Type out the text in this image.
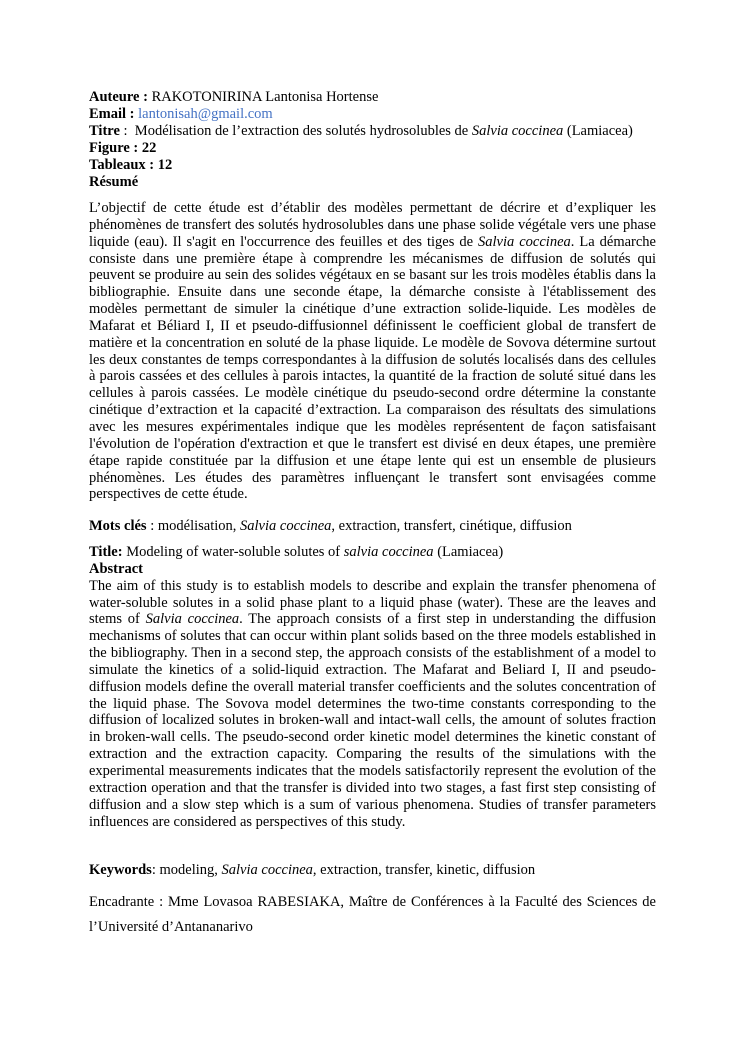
Auteure : RAKOTONIRINA Lantonisa Hortense
Email : lantonisah@gmail.com
Titre :  Modélisation de l’extraction des solutés hydrosolubles de Salvia coccinea (Lamiacea)
Figure : 22
Tableaux : 12
Résumé

L’objectif de cette étude est d’établir des modèles permettant de décrire et d’expliquer les phénomènes de transfert des solutés hydrosolubles dans une phase solide végétale vers une phase liquide (eau). Il s'agit en l'occurrence des feuilles et des tiges de Salvia coccinea. La démarche consiste dans une première étape à comprendre les mécanismes de diffusion de solutés qui peuvent se produire au sein des solides végétaux en se basant sur les trois modèles établis dans la bibliographie. Ensuite dans une seconde étape, la démarche consiste à l'établissement des modèles permettant de simuler la cinétique d’une extraction solide-liquide. Les modèles de Mafarat et Béliard I, II et pseudo-diffusionnel définissent le coefficient global de transfert de matière et la concentration en soluté de la phase liquide. Le modèle de Sovova détermine surtout les deux constantes de temps correspondantes à la diffusion de solutés localisés dans des cellules à parois cassées et des cellules à parois intactes, la quantité de la fraction de soluté situé dans les cellules à parois cassées. Le modèle cinétique du pseudo-second ordre détermine la constante cinétique d’extraction et la capacité d’extraction. La comparaison des résultats des simulations avec les mesures expérimentales indique que les modèles représentent de façon satisfaisant l'évolution de l'opération d'extraction et que le transfert est divisé en deux étapes, une première étape rapide constituée par la diffusion et une étape lente qui est un ensemble de plusieurs phénomènes. Les études des paramètres influençant le transfert sont envisagées comme perspectives de cette étude.

Mots clés : modélisation, Salvia coccinea, extraction, transfert, cinétique, diffusion

Title: Modeling of water-soluble solutes of salvia coccinea (Lamiacea)

Abstract

The aim of this study is to establish models to describe and explain the transfer phenomena of water-soluble solutes in a solid phase plant to a liquid phase (water). These are the leaves and stems of Salvia coccinea. The approach consists of a first step in understanding the diffusion mechanisms of solutes that can occur within plant solids based on the three models established in the bibliography. Then in a second step, the approach consists of the establishment of a model to simulate the kinetics of a solid-liquid extraction. The Mafarat and Beliard I, II and pseudo-diffusion models define the overall material transfer coefficients and the solutes concentration of the liquid phase. The Sovova model determines the two-time constants corresponding to the diffusion of localized solutes in broken-wall and intact-wall cells, the amount of solutes fraction in broken-wall cells. The pseudo-second order kinetic model determines the kinetic constant of extraction and the extraction capacity. Comparing the results of the simulations with the experimental measurements indicates that the models satisfactorily represent the evolution of the extraction operation and that the transfer is divided into two stages, a fast first step consisting of diffusion and a slow step which is a sum of various phenomena. Studies of transfer parameters influences are considered as perspectives of this study.

Keywords: modeling, Salvia coccinea, extraction, transfer, kinetic, diffusion

Encadrante : Mme Lovasoa RABESIAKA, Maître de Conférences à la Faculté des Sciences de l’Université d’Antananarivo
